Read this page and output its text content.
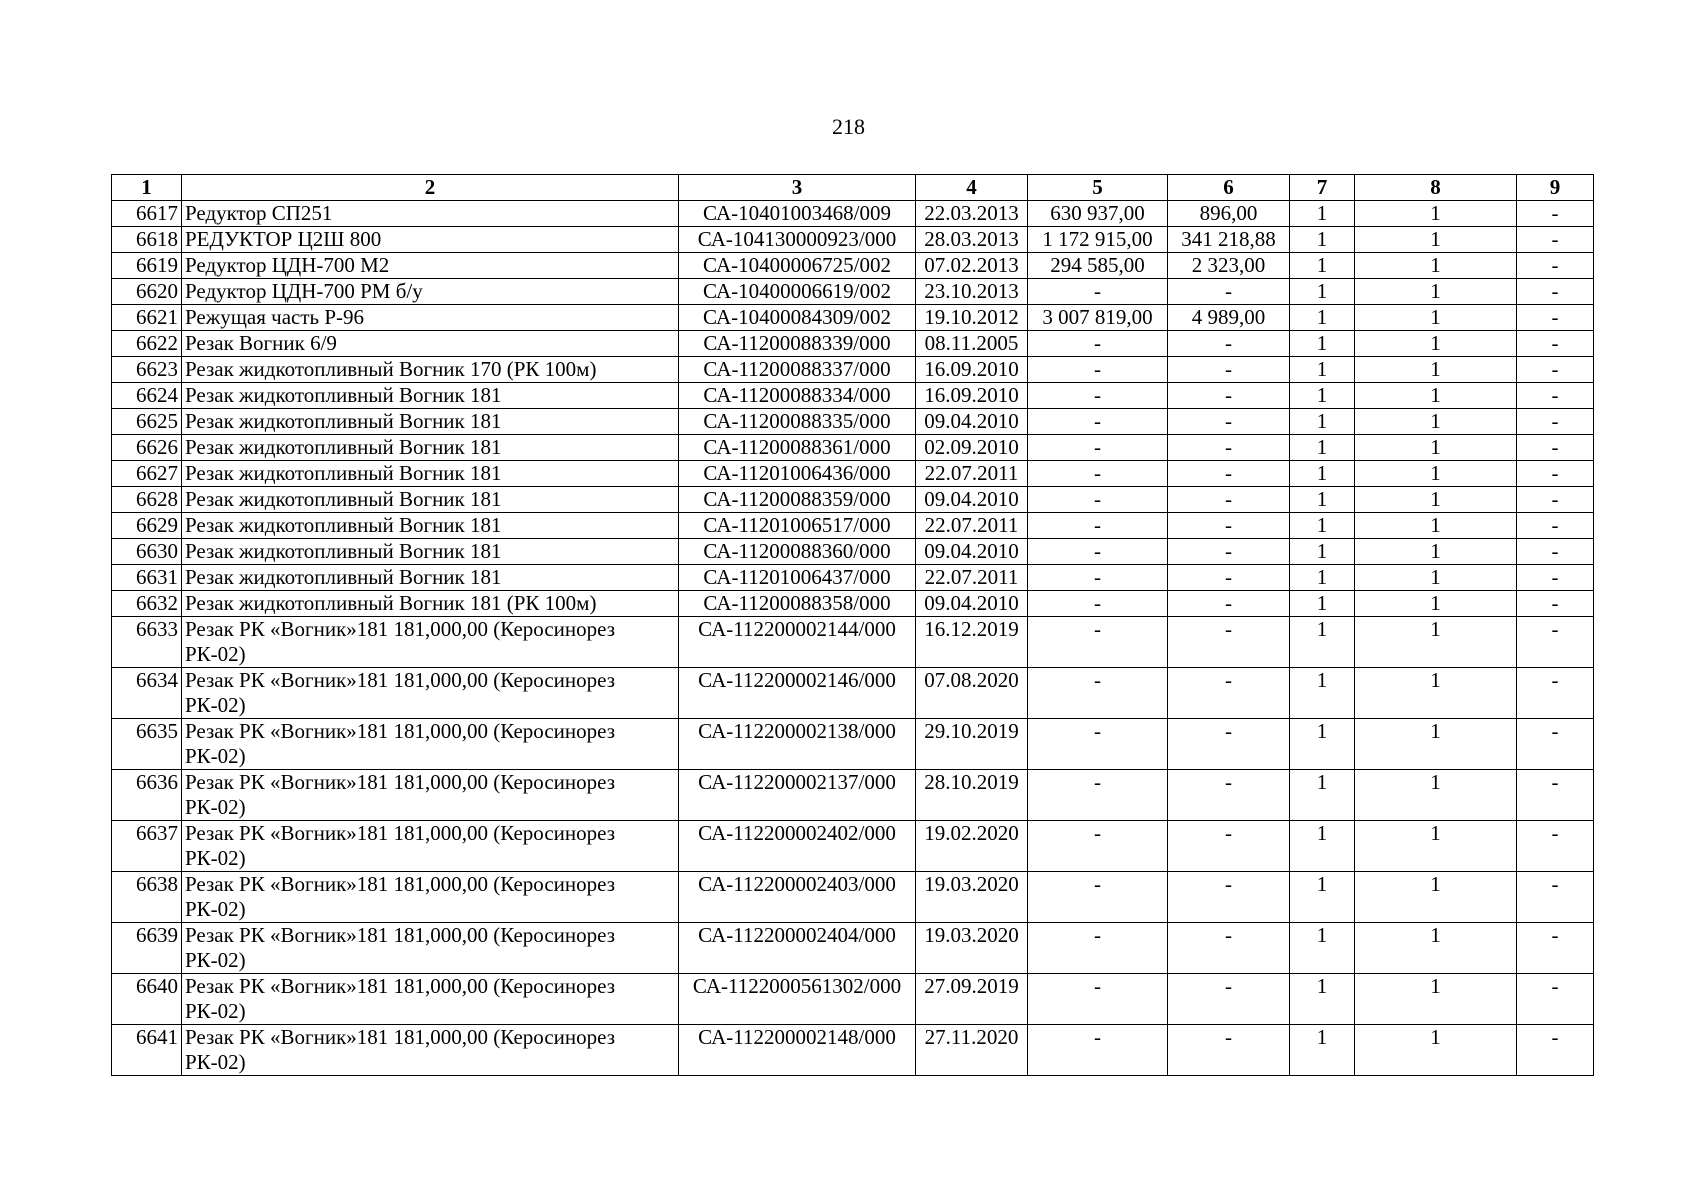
218
1	2	3	4	5	6	7	8	9
6617	Редуктор СП251	СА-10401003468/009	22.03.2013	630 937,00	896,00	1	1	-
6618	РЕДУКТОР Ц2Ш 800	СА-104130000923/000	28.03.2013	1 172 915,00	341 218,88	1	1	-
6619	Редуктор ЦДН-700 М2	СА-10400006725/002	07.02.2013	294 585,00	2 323,00	1	1	-
6620	Редуктор ЦДН-700 РМ б/у	СА-10400006619/002	23.10.2013	-	-	1	1	-
6621	Режущая часть Р-96	СА-10400084309/002	19.10.2012	3 007 819,00	4 989,00	1	1	-
6622	Резак Вогник 6/9	СА-11200088339/000	08.11.2005	-	-	1	1	-
6623	Резак жидкотопливный Вогник 170 (РК 100м)	СА-11200088337/000	16.09.2010	-	-	1	1	-
6624	Резак жидкотопливный Вогник 181	СА-11200088334/000	16.09.2010	-	-	1	1	-
6625	Резак жидкотопливный Вогник 181	СА-11200088335/000	09.04.2010	-	-	1	1	-
6626	Резак жидкотопливный Вогник 181	СА-11200088361/000	02.09.2010	-	-	1	1	-
6627	Резак жидкотопливный Вогник 181	СА-11201006436/000	22.07.2011	-	-	1	1	-
6628	Резак жидкотопливный Вогник 181	СА-11200088359/000	09.04.2010	-	-	1	1	-
6629	Резак жидкотопливный Вогник 181	СА-11201006517/000	22.07.2011	-	-	1	1	-
6630	Резак жидкотопливный Вогник 181	СА-11200088360/000	09.04.2010	-	-	1	1	-
6631	Резак жидкотопливный Вогник 181	СА-11201006437/000	22.07.2011	-	-	1	1	-
6632	Резак жидкотопливный Вогник 181 (РК 100м)	СА-11200088358/000	09.04.2010	-	-	1	1	-
6633	Резак РК «Вогник»181 181,000,00 (Керосинорез РК-02)	СА-112200002144/000	16.12.2019	-	-	1	1	-
6634	Резак РК «Вогник»181 181,000,00 (Керосинорез РК-02)	СА-112200002146/000	07.08.2020	-	-	1	1	-
6635	Резак РК «Вогник»181 181,000,00 (Керосинорез РК-02)	СА-112200002138/000	29.10.2019	-	-	1	1	-
6636	Резак РК «Вогник»181 181,000,00 (Керосинорез РК-02)	СА-112200002137/000	28.10.2019	-	-	1	1	-
6637	Резак РК «Вогник»181 181,000,00 (Керосинорез РК-02)	СА-112200002402/000	19.02.2020	-	-	1	1	-
6638	Резак РК «Вогник»181 181,000,00 (Керосинорез РК-02)	СА-112200002403/000	19.03.2020	-	-	1	1	-
6639	Резак РК «Вогник»181 181,000,00 (Керосинорез РК-02)	СА-112200002404/000	19.03.2020	-	-	1	1	-
6640	Резак РК «Вогник»181 181,000,00 (Керосинорез РК-02)	СА-1122000561302/000	27.09.2019	-	-	1	1	-
6641	Резак РК «Вогник»181 181,000,00 (Керосинорез РК-02)	СА-112200002148/000	27.11.2020	-	-	1	1	-
